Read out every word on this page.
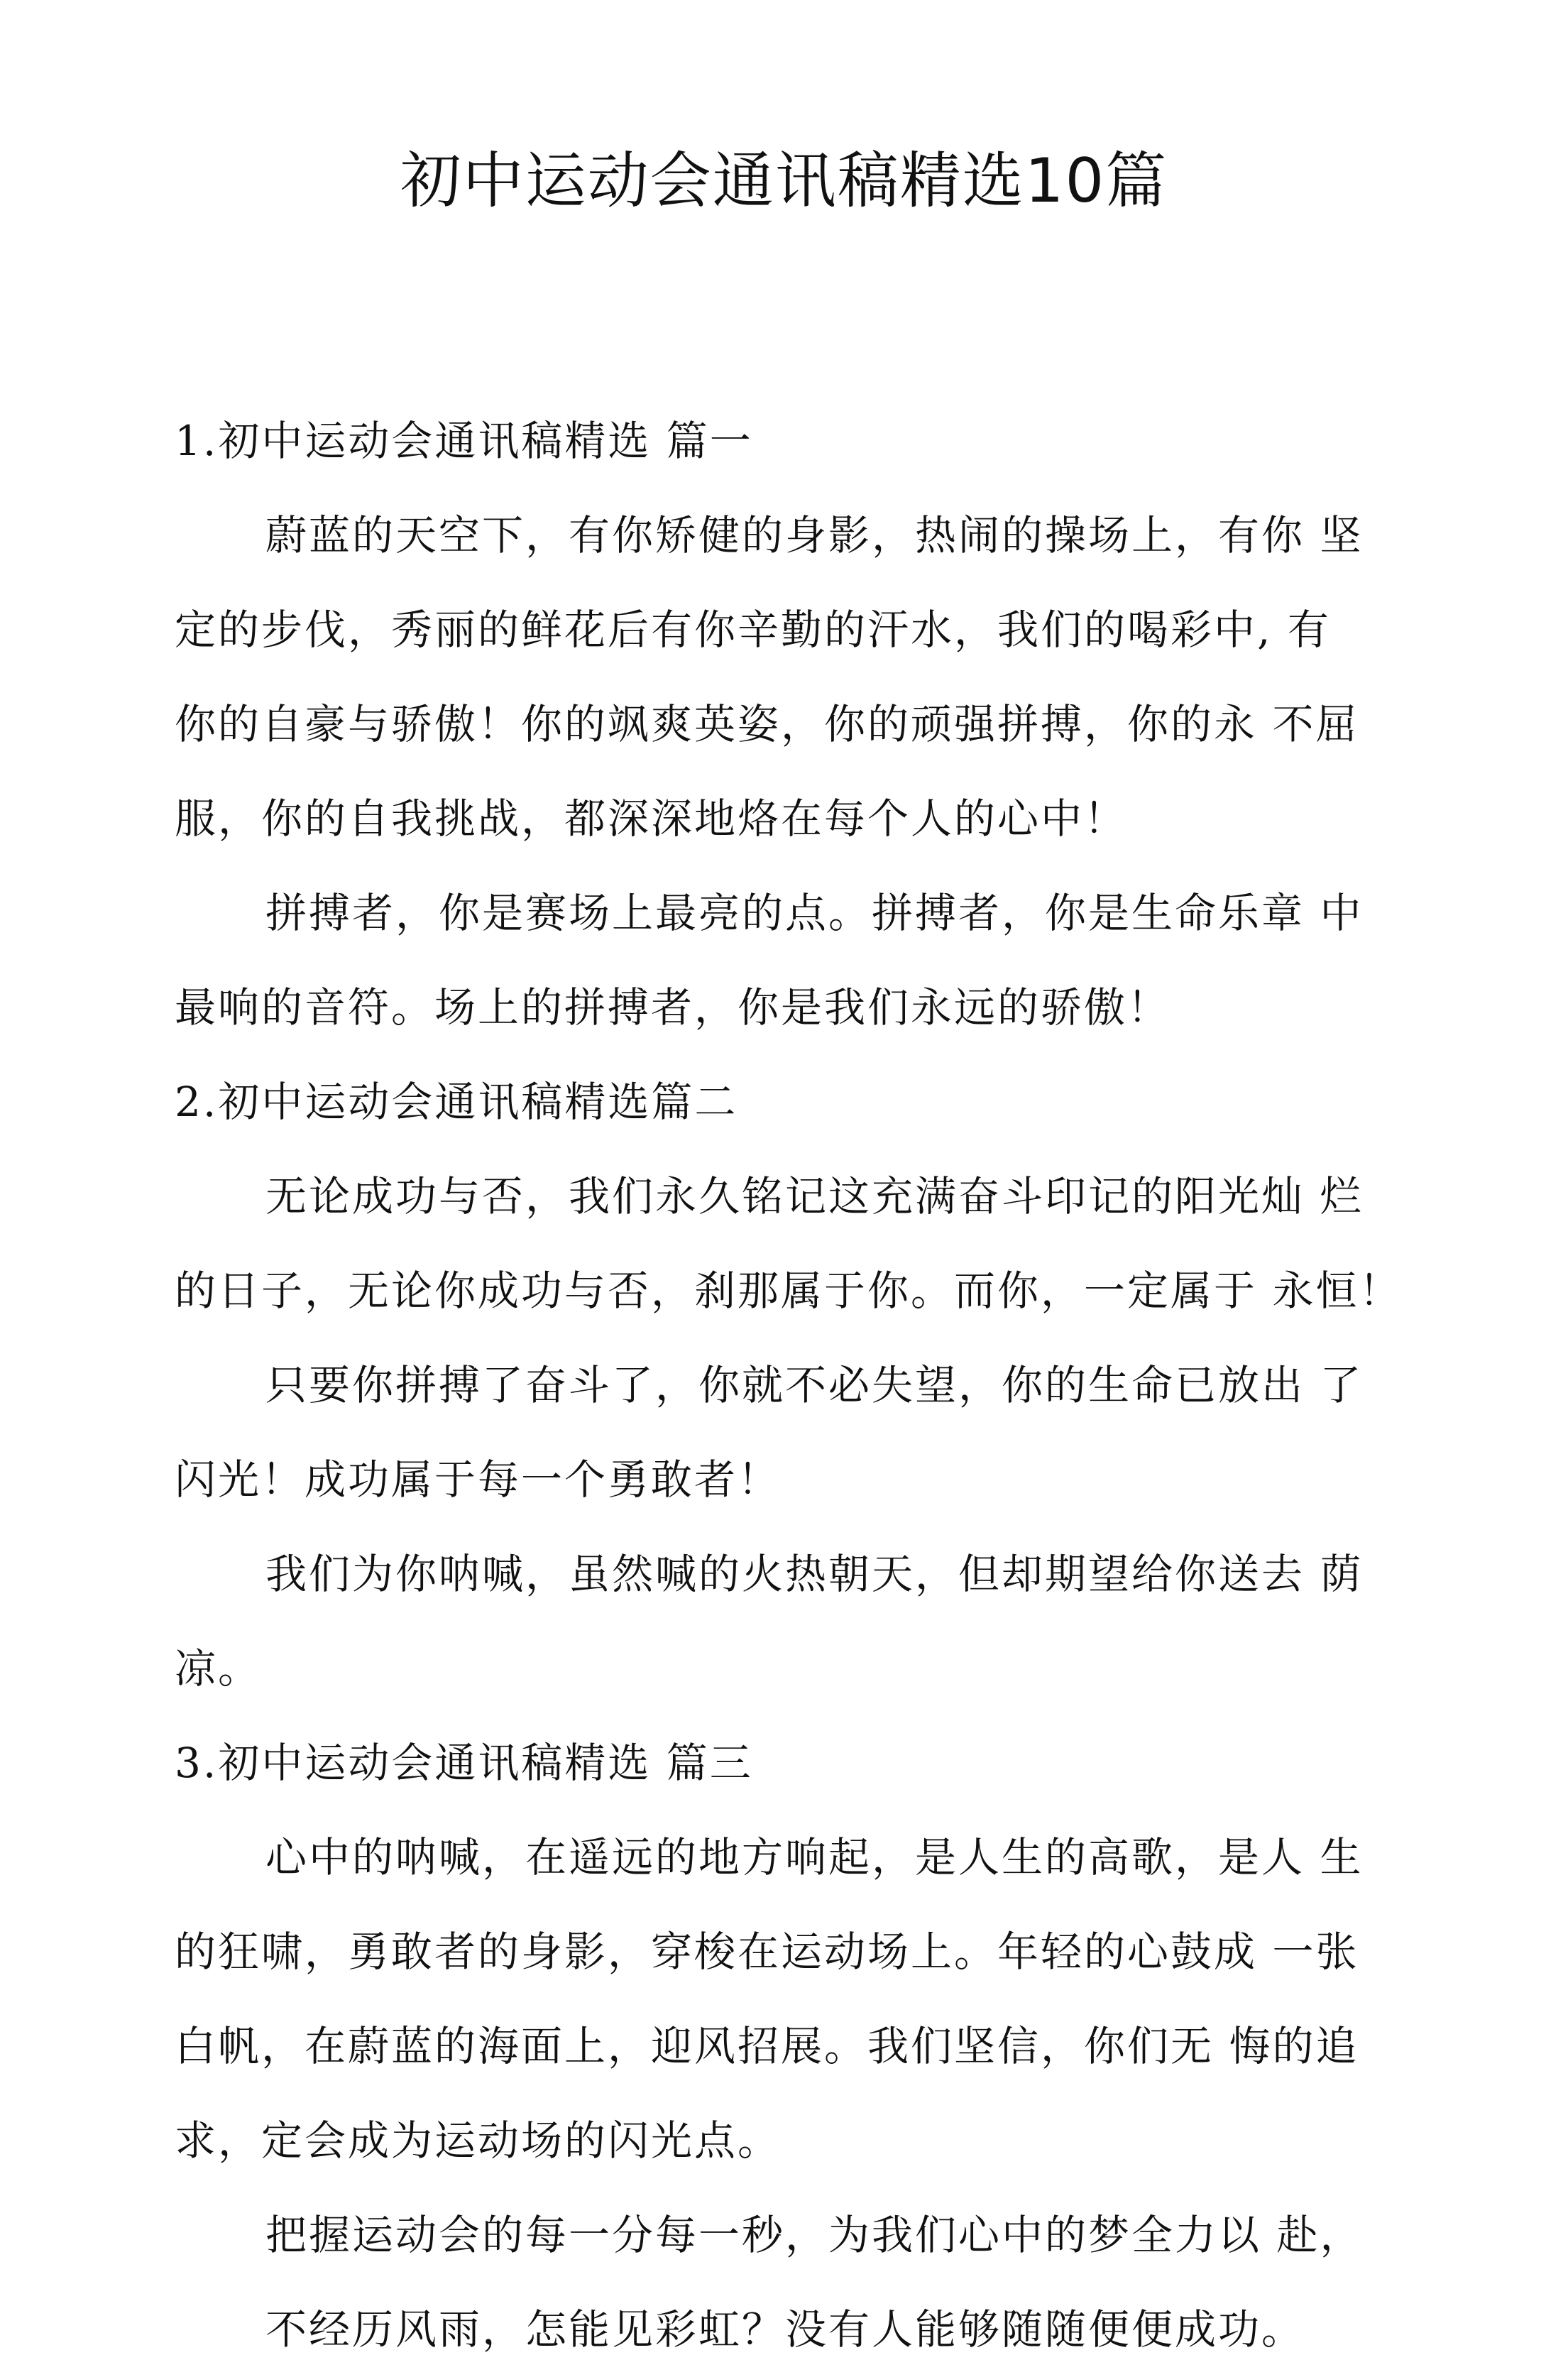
初中运动会通讯稿精选10篇

1.初中运动会通讯稿精选 篇一

蔚蓝的天空下，有你矫健的身影，热闹的操场上，有你 坚
定的步伐，秀丽的鲜花后有你辛勤的汗水，我们的喝彩中, 有
你的自豪与骄傲！你的飒爽英姿，你的顽强拼搏，你的永 不屈
服，你的自我挑战，都深深地烙在每个人的心中！

拼搏者，你是赛场上最亮的点。拼搏者，你是生命乐章 中
最响的音符。场上的拼搏者，你是我们永远的骄傲！

2.初中运动会通讯稿精选篇二

无论成功与否，我们永久铭记这充满奋斗印记的阳光灿 烂
的日子，无论你成功与否，刹那属于你。而你，一定属于 永恒！

只要你拼搏了奋斗了，你就不必失望，你的生命已放出 了
闪光！成功属于每一个勇敢者！

我们为你呐喊，虽然喊的火热朝天，但却期望给你送去 荫
凉。

3.初中运动会通讯稿精选 篇三

心中的呐喊，在遥远的地方响起，是人生的高歌，是人 生
的狂啸，勇敢者的身影，穿梭在运动场上。年轻的心鼓成 一张
白帆，在蔚蓝的海面上，迎风招展。我们坚信，你们无 悔的追
求，定会成为运动场的闪光点。

把握运动会的每一分每一秒，为我们心中的梦全力以 赴，

不经历风雨，怎能见彩虹？没有人能够随随便便成功。
